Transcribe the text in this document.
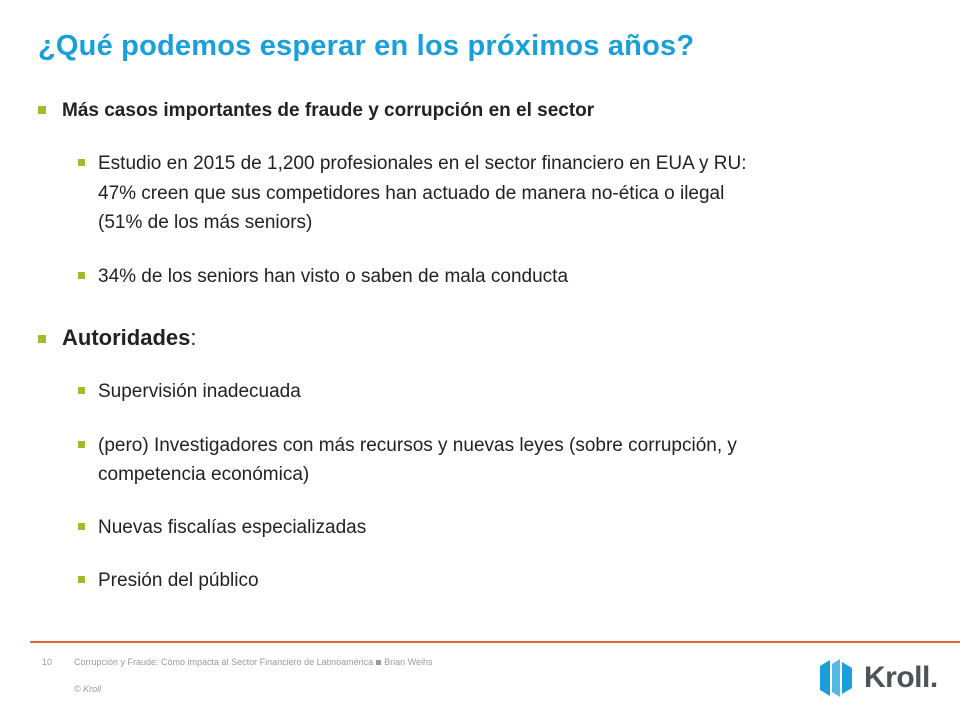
¿Qué podemos esperar en los próximos años?
Más casos importantes de fraude y corrupción en el sector
Estudio en 2015 de 1,200 profesionales en el sector financiero en EUA y RU:
47% creen que sus competidores han actuado de manera no-ética o ilegal
(51% de los más seniors)
34% de los seniors han visto o saben de mala conducta
Autoridades:
Supervisión inadecuada
(pero) Investigadores con más recursos y nuevas leyes (sobre corrupción, y
competencia económica)
Nuevas fiscalías especializadas
Presión del público
10 Corrupción y Fraude: Cómo impacta al Sector Financiero de Latinoamérica Brian Weihs
© Kroll	Kroll.
